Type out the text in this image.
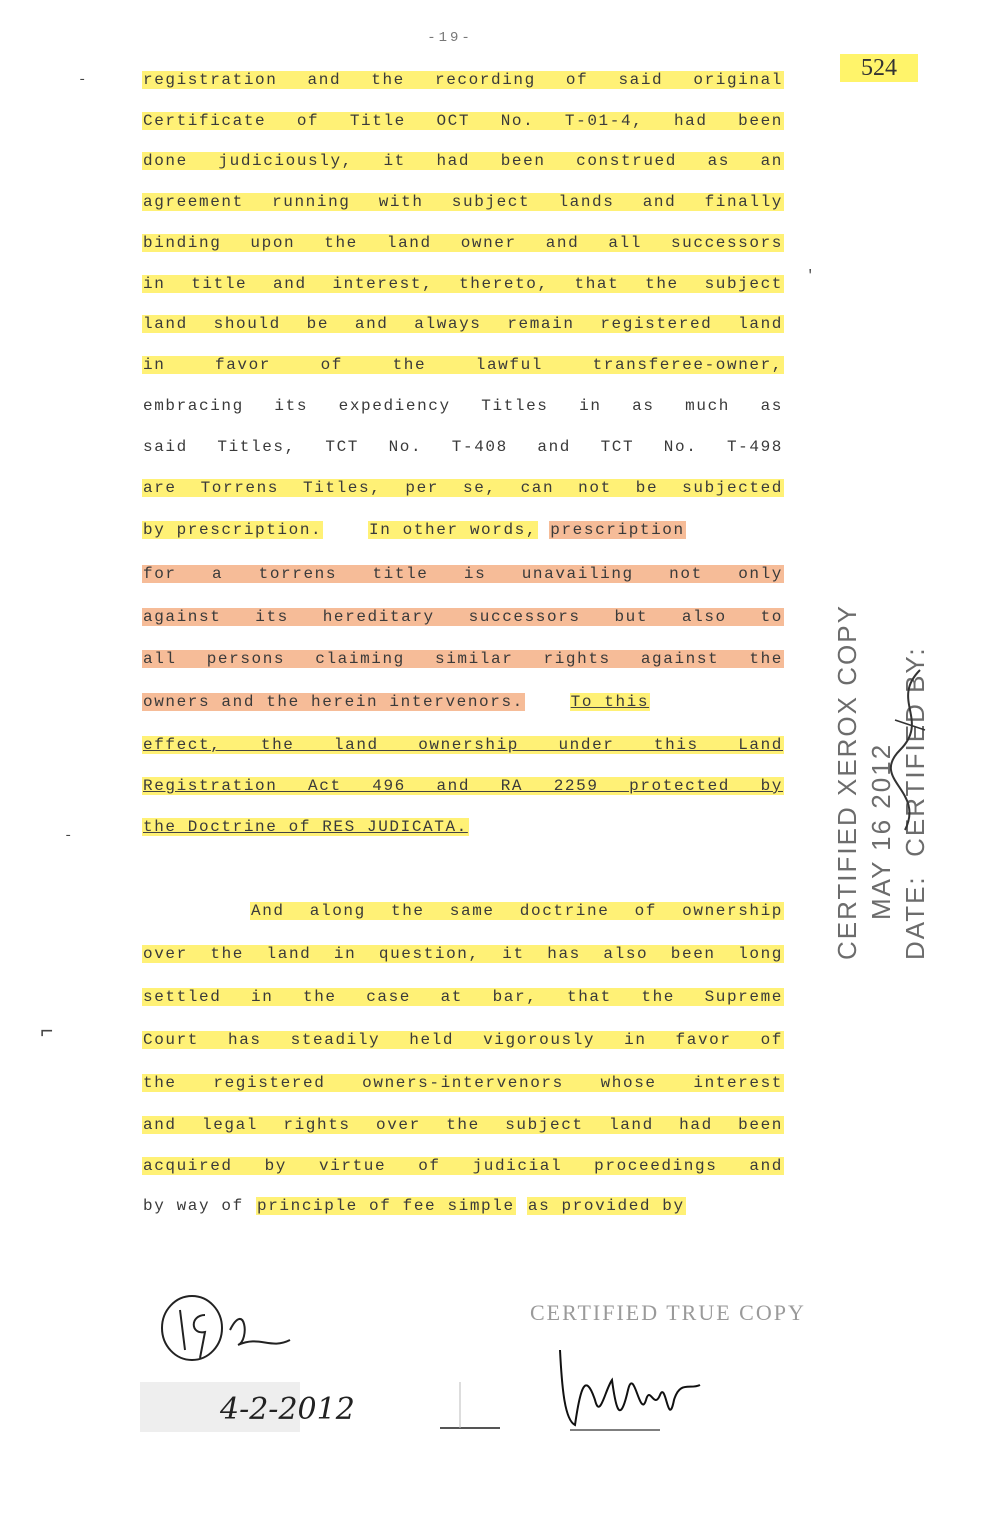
-19-
524
registration and the recording of said original
Certificate of Title OCT No. T-01-4, had been
done judiciously, it had been construed as an
agreement running with subject lands and finally
binding upon the land owner and all successors
in title and interest, thereto, that the subject
land should be and always remain registered land
in favor of the lawful transferee-owner,
embracing its expediency Titles in as much as
said Titles, TCT No. T-408 and TCT No. T-498
are Torrens Titles, per se, can not be subjected
by prescription.	In other words, prescription
for a torrens title is unavailing not only
against its hereditary successors but also to
all persons claiming similar rights against the
owners and the herein intervenors.	To this
effect, the land ownership under this Land
Registration Act 496 and RA 2259 protected by
the Doctrine of RES JUDICATA.
And along the same doctrine of ownership
over the land in question, it has also been long
settled in the case at bar, that the Supreme
Court has steadily held vigorously in favor of
the registered owners-intervenors whose interest
and legal rights over the subject land had been
acquired by virtue of judicial proceedings and
by way of principle of fee simple as provided by
-
'
-
⌐
CERTIFIED XEROX COPY MAY 16 2012 DATE:  CERTIFIED BY:
4-2-2012
CERTIFIED TRUE COPY
